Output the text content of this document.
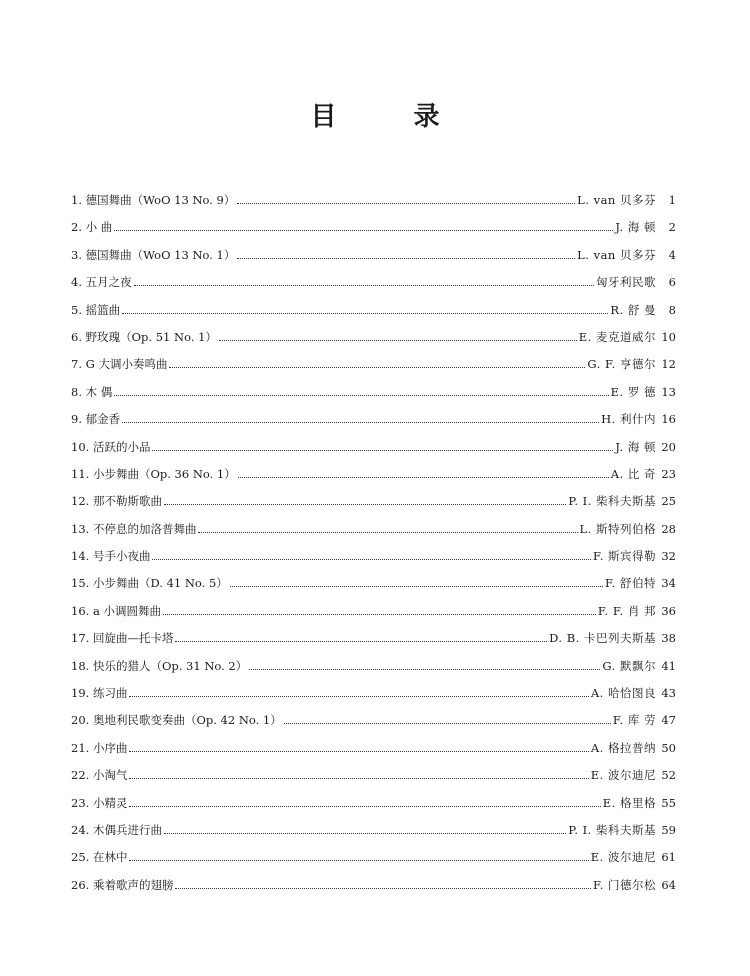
目 录
1. 德国舞曲（WoO 13 No. 9）	L. van 贝多芬	1
2. 小 曲	J. 海 顿	2
3. 德国舞曲（WoO 13 No. 1）	L. van 贝多芬	4
4. 五月之夜	匈牙利民歌	6
5. 摇篮曲	R. 舒 曼	8
6. 野玫瑰（Op. 51 No. 1）	E. 麦克道威尔 10
7. G 大调小奏鸣曲	G. F. 亨德尔 12
8. 木 偶	E. 罗 德 13
9. 郁金香	H. 利什内 16
10. 活跃的小品	J. 海 顿 20
11. 小步舞曲（Op. 36 No. 1）	A. 比 奇 23
12. 那不勒斯歌曲	P. I. 柴科夫斯基 25
13. 不停息的加洛普舞曲	L. 斯特列伯格 28
14. 号手小夜曲	F. 斯宾得勒 32
15. 小步舞曲（D. 41 No. 5）	F. 舒伯特 34
16. a 小调圆舞曲	F. F. 肖 邦 36
17. 回旋曲—托卡塔	D. B. 卡巴列夫斯基 38
18. 快乐的猎人（Op. 31 No. 2）	G. 默飘尔 41
19. 练习曲	A. 哈恰图良 43
20. 奥地利民歌变奏曲（Op. 42 No. 1）	F. 库 劳 47
21. 小序曲	A. 格拉普纳 50
22. 小淘气	E. 波尔迪尼 52
23. 小精灵	E. 格里格 55
24. 木偶兵进行曲	P. I. 柴科夫斯基 59
25. 在林中	E. 波尔迪尼 61
26. 乘着歌声的翅膀	F. 门德尔松 64
